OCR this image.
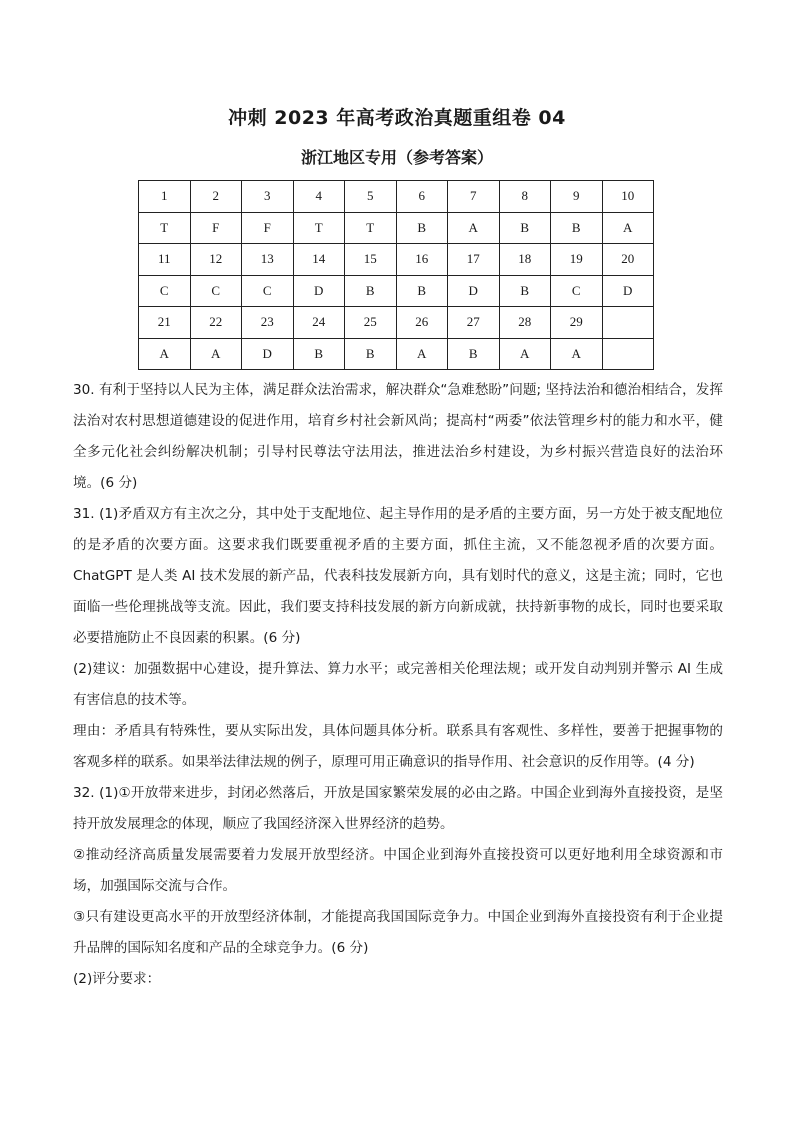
冲刺 2023 年高考政治真题重组卷 04
浙江地区专用（参考答案）
1	2	3	4	5	6	7	8	9	10
T	F	F	T	T	B	A	B	B	A
11	12	13	14	15	16	17	18	19	20
C	C	C	D	B	B	D	B	C	D
21	22	23	24	25	26	27	28	29	
A	A	D	B	B	A	B	A	A	

30. 有利于坚持以人民为主体，满足群众法治需求，解决群众“急难愁盼”问题; 坚持法治和德治相结合，发挥法治对农村思想道德建设的促进作用，培育乡村社会新风尚；提高村“两委”依法管理乡村的能力和水平，健全多元化社会纠纷解决机制；引导村民尊法守法用法，推进法治乡村建设，为乡村振兴营造良好的法治环境。(6 分)

31. (1)矛盾双方有主次之分，其中处于支配地位、起主导作用的是矛盾的主要方面，另一方处于被支配地位的是矛盾的次要方面。这要求我们既要重视矛盾的主要方面，抓住主流，又不能忽视矛盾的次要方面。ChatGPT 是人类 AI 技术发展的新产品，代表科技发展新方向，具有划时代的意义，这是主流；同时，它也面临一些伦理挑战等支流。因此，我们要支持科技发展的新方向新成就，扶持新事物的成长，同时也要采取必要措施防止不良因素的积累。(6 分)

(2)建议：加强数据中心建设，提升算法、算力水平；或完善相关伦理法规；或开发自动判别并警示 AI 生成有害信息的技术等。

理由：矛盾具有特殊性，要从实际出发，具体问题具体分析。联系具有客观性、多样性，要善于把握事物的客观多样的联系。如果举法律法规的例子，原理可用正确意识的指导作用、社会意识的反作用等。(4 分)

32. (1)①开放带来进步，封闭必然落后，开放是国家繁荣发展的必由之路。中国企业到海外直接投资，是坚持开放发展理念的体现，顺应了我国经济深入世界经济的趋势。

②推动经济高质量发展需要着力发展开放型经济。中国企业到海外直接投资可以更好地利用全球资源和市场，加强国际交流与合作。

③只有建设更高水平的开放型经济体制，才能提高我国国际竞争力。中国企业到海外直接投资有利于企业提升品牌的国际知名度和产品的全球竞争力。(6 分)

(2)评分要求：
